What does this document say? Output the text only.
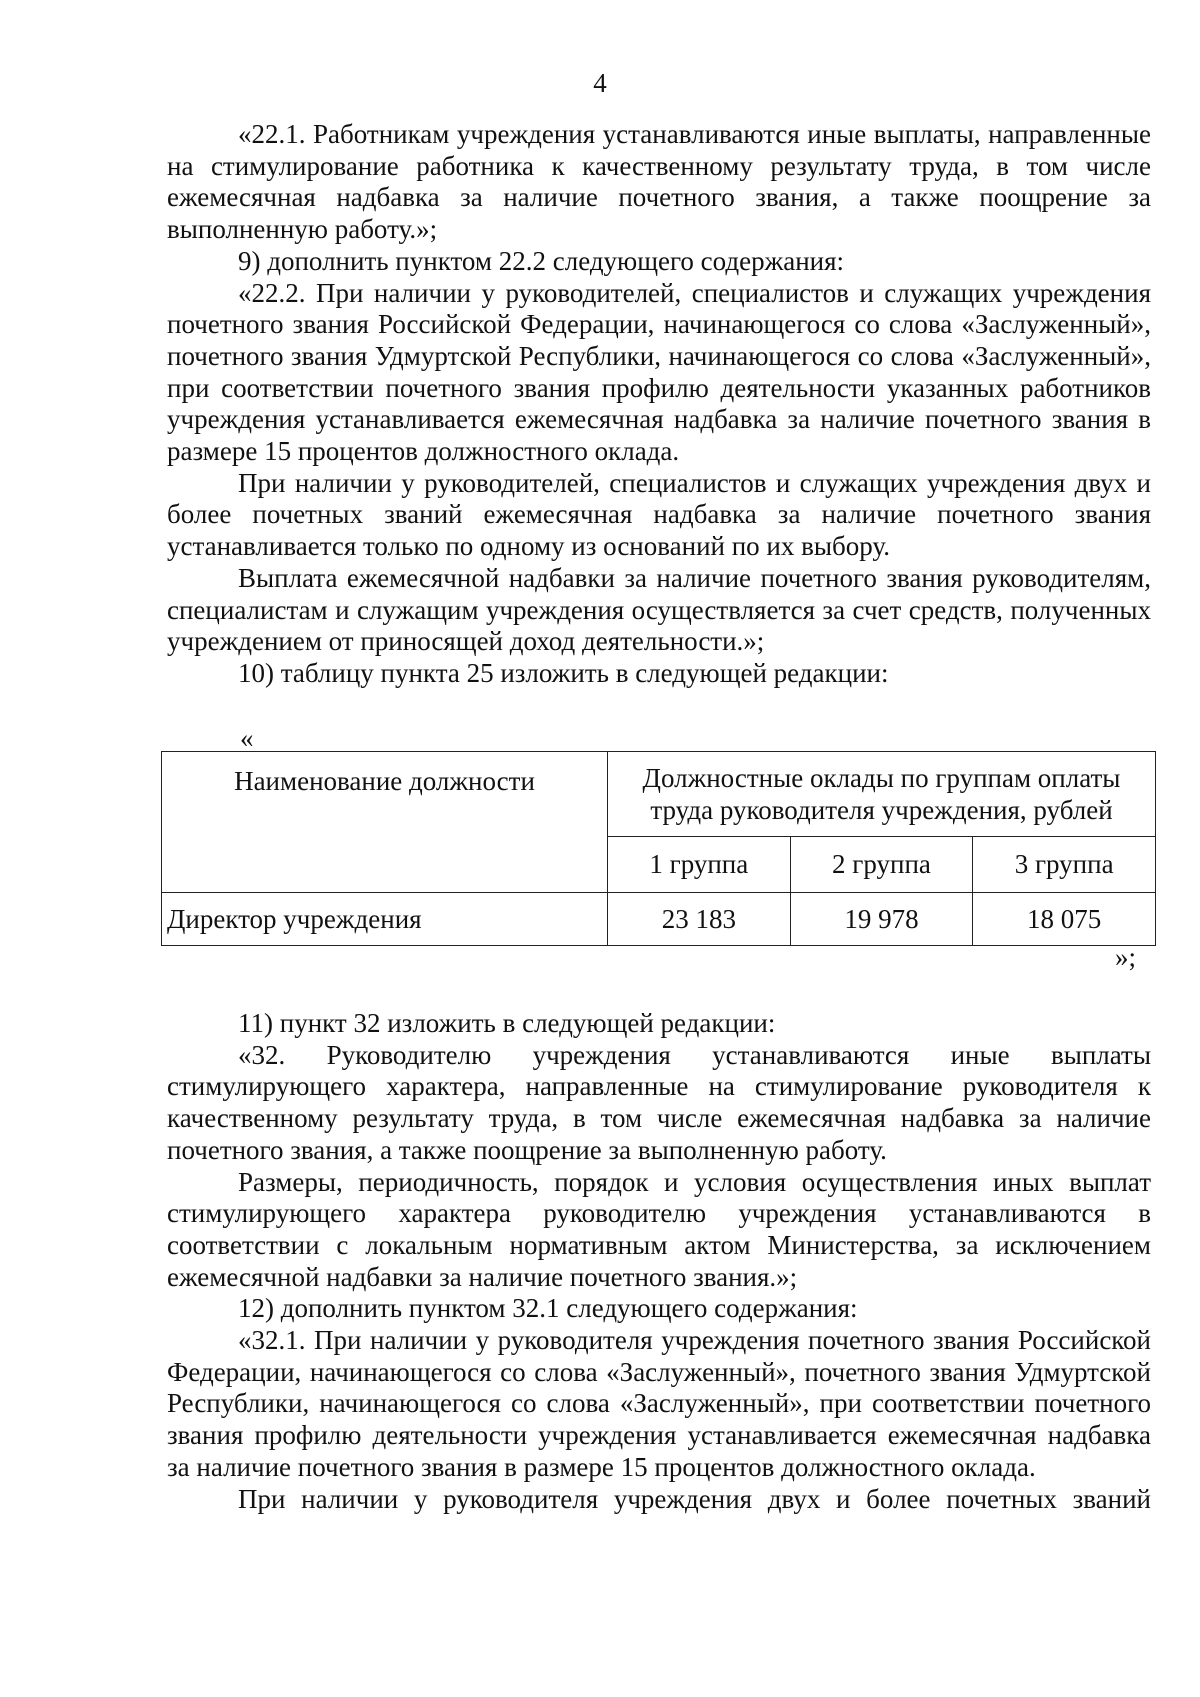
4

«22.1. Работникам учреждения устанавливаются иные выплаты, направленные на стимулирование работника к качественному результату труда, в том числе ежемесячная надбавка за наличие почетного звания, а также поощрение за выполненную работу.»;

9) дополнить пунктом 22.2 следующего содержания:

«22.2. При наличии у руководителей, специалистов и служащих учреждения почетного звания Российской Федерации, начинающегося со слова «Заслуженный», почетного звания Удмуртской Республики, начинающегося со слова «Заслуженный», при соответствии почетного звания профилю деятельности указанных работников учреждения устанавливается ежемесячная надбавка за наличие почетного звания в размере 15 процентов должностного оклада.

При наличии у руководителей, специалистов и служащих учреждения двух и более почетных званий ежемесячная надбавка за наличие почетного звания устанавливается только по одному из оснований по их выбору.

Выплата ежемесячной надбавки за наличие почетного звания руководителям, специалистам и служащим учреждения осуществляется за счет средств, полученных учреждением от приносящей доход деятельности.»;

10) таблицу пункта 25 изложить в следующей редакции:

«
Наименование должности	Должностные оклады по группам оплаты труда руководителя учреждения, рублей		
	1 группа	2 группа	3 группа
Директор учреждения	23 183	19 978	18 075
»;

11) пункт 32 изложить в следующей редакции:

«32. Руководителю учреждения устанавливаются иные выплаты стимулирующего характера, направленные на стимулирование руководителя к качественному результату труда, в том числе ежемесячная надбавка за наличие почетного звания, а также поощрение за выполненную работу.

Размеры, периодичность, порядок и условия осуществления иных выплат стимулирующего характера руководителю учреждения устанавливаются в соответствии с локальным нормативным актом Министерства, за исключением ежемесячной надбавки за наличие почетного звания.»;

12) дополнить пунктом 32.1 следующего содержания:

«32.1. При наличии у руководителя учреждения почетного звания Российской Федерации, начинающегося со слова «Заслуженный», почетного звания Удмуртской Республики, начинающегося со слова «Заслуженный», при соответствии почетного звания профилю деятельности учреждения устанавливается ежемесячная надбавка за наличие почетного звания в размере 15 процентов должностного оклада.

При наличии у руководителя учреждения двух и более почетных званий
